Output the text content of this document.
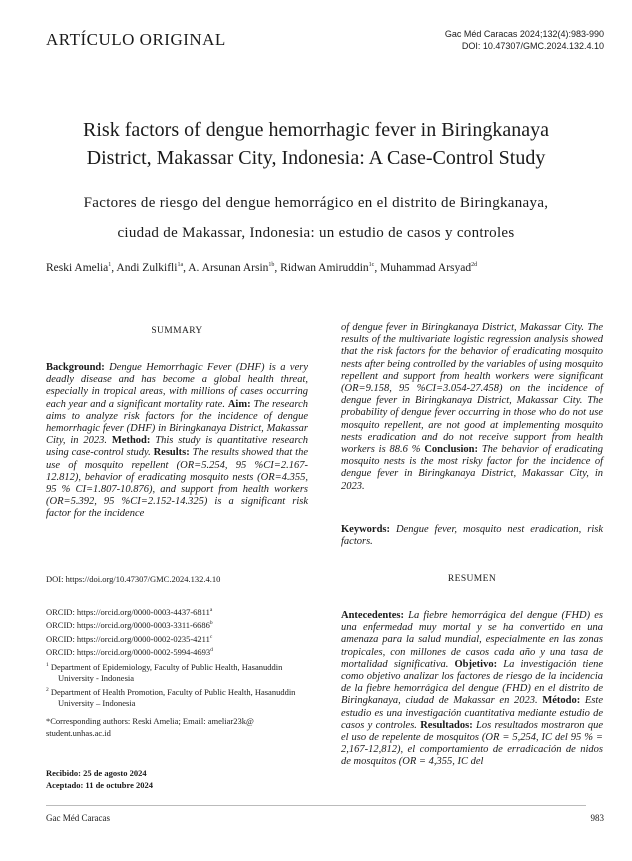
ARTÍCULO ORIGINAL	Gac Méd Caracas 2024;132(4):983-990
DOI: 10.47307/GMC.2024.132.4.10
Risk factors of dengue hemorrhagic fever in Biringkanaya
District, Makassar City, Indonesia: A Case-Control Study
Factores de riesgo del dengue hemorrágico en el distrito de Biringkanaya,
ciudad de Makassar, Indonesia: un estudio de casos y controles
Reski Amelia$^1$, Andi Zulkifli$^{1a}$, A. Arsunan Arsin$^{1b}$, Ridwan Amiruddin$^{1c}$, Muhammad Arsyad$^{2d}$
SUMMARY
Background: Dengue Hemorrhagic Fever (DHF) is a very deadly disease and has become a global health threat, especially in tropical areas, with millions of cases occurring each year and a significant mortality rate. Aim: The research aims to analyze risk factors for the incidence of dengue hemorrhagic fever (DHF) in Biringkanaya District, Makassar City, in 2023. Method: This study is quantitative research using case-control study. Results: The results showed that the use of mosquito repellent (OR=5.254, 95 %CI=2.167-12.812), behavior of eradicating mosquito nests (OR=4.355, 95 % CI=1.807-10.876), and support from health workers (OR=5.392, 95 %CI=2.152-14.325) is a significant risk factor for the incidence
DOI: https://doi.org/10.47307/GMC.2024.132.4.10
ORCID: https://orcid.org/0000-0003-4437-6811$^a$
ORCID: https://orcid.org/0000-0003-3311-6686$^b$
ORCID: https://orcid.org/0000-0002-0235-4211$^c$
ORCID: https://orcid.org/0000-0002-5994-4693$^d$
$^1$ Department of Epidemiology, Faculty of Public Health, Hasanuddin University - Indonesia
$^2$ Department of Health Promotion, Faculty of Public Health, Hasanuddin University – Indonesia
*Corresponding authors: Reski Amelia; Email: ameliar23k@ student.unhas.ac.id
Recibido: 25 de agosto 2024
Aceptado: 11 de octubre 2024
of dengue fever in Biringkanaya District, Makassar City. The results of the multivariate logistic regression analysis showed that the risk factors for the behavior of eradicating mosquito nests after being controlled by the variables of using mosquito repellent and support from health workers were significant (OR=9.158, 95 %CI=3.054-27.458) on the incidence of dengue fever in Biringkanaya District, Makassar City. The probability of dengue fever occurring in those who do not use mosquito repellent, are not good at implementing mosquito nests eradication and do not receive support from health workers is 88.6 % Conclusion: The behavior of eradicating mosquito nests is the most risky factor for the incidence of dengue fever in Biringkanaya District, Makassar City, in 2023.
Keywords: Dengue fever, mosquito nest eradication, risk factors.
RESUMEN
Antecedentes: La fiebre hemorrágica del dengue (FHD) es una enfermedad muy mortal y se ha convertido en una amenaza para la salud mundial, especialmente en las zonas tropicales, con millones de casos cada año y una tasa de mortalidad significativa. Objetivo: La investigación tiene como objetivo analizar los factores de riesgo de la incidencia de la fiebre hemorrágica del dengue (FHD) en el distrito de Biringkanaya, ciudad de Makassar en 2023. Método: Este estudio es una investigación cuantitativa mediante estudio de casos y controles. Resultados: Los resultados mostraron que el uso de repelente de mosquitos (OR = 5,254, IC del 95 % = 2,167-12,812), el comportamiento de erradicación de nidos de mosquitos (OR = 4,355, IC del
Gac Méd Caracas	983
